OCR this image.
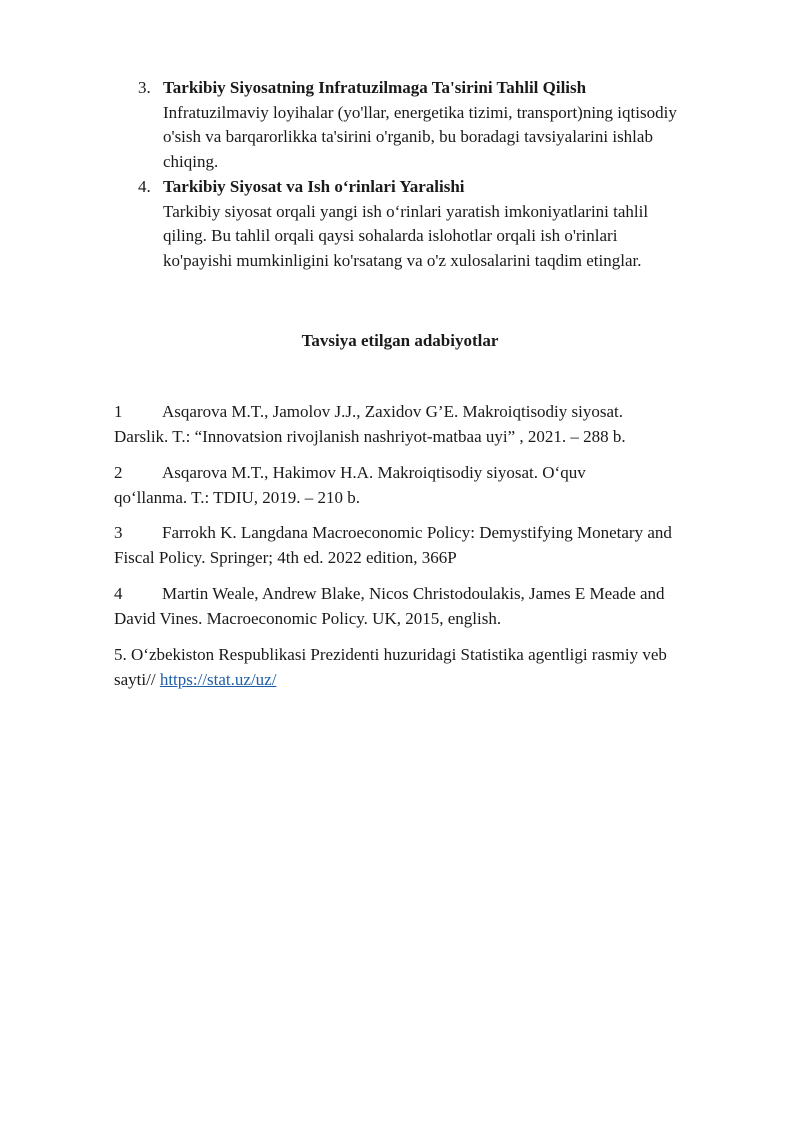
3. Tarkibiy Siyosatning Infratuzilmaga Ta'sirini Tahlil Qilish
Infratuzilmaviy loyihalar (yo'llar, energetika tizimi, transport)ning iqtisodiy
o'sish va barqarorlikka ta'sirini o'rganib, bu boradagi tavsiyalarini ishlab
chiqing.
4. Tarkibiy Siyosat va Ish o‘rinlari Yaralishi
Tarkibiy siyosat orqali yangi ish o‘rinlari yaratish imkoniyatlarini tahlil
qiling. Bu tahlil orqali qaysi sohalarda islohotlar orqali ish o'rinlari
ko'payishi mumkinligini ko'rsatang va o'z xulosalarini taqdim etinglar.
Tavsiya etilgan adabiyotlar
1 Asqarova M.T., Jamolov J.J., Zaxidov G’E. Makroiqtisodiy siyosat.
Darslik. T.: “Innovatsion rivojlanish nashriyot-matbaa uyi” , 2021. – 288 b.
2 Asqarova M.T., Hakimov H.A. Makroiqtisodiy siyosat. O‘quv
qo‘llanma. T.: TDIU, 2019. – 210 b.
3 Farrokh K. Langdana Macroeconomic Policy: Demystifying Monetary and
Fiscal Policy. Springer; 4th ed. 2022 edition, 366P
4 Martin Weale, Andrew Blake, Nicos Christodoulakis, James E Meade and
David Vines. Macroeconomic Policy. UK, 2015, english.
5. O‘zbekiston Respublikasi Prezidenti huzuridagi Statistika agentligi rasmiy veb
sayti// https://stat.uz/uz/
